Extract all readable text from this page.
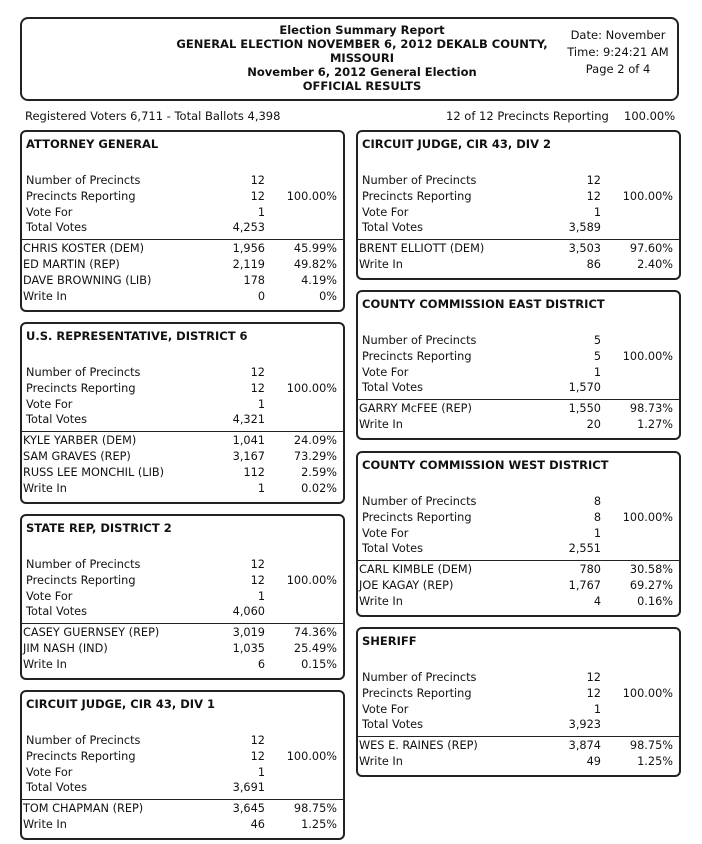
Election Summary Report
GENERAL ELECTION NOVEMBER 6, 2012 DEKALB COUNTY,
MISSOURI
November 6, 2012 General Election
OFFICIAL RESULTS
Date: November
Time: 9:24:21 AM
Page 2 of 4
Registered Voters 6,711 - Total Ballots 4,398	12 of 12 Precincts Reporting 100.00%
ATTORNEY GENERAL
Number of Precincts	12
Precincts Reporting	12	100.00%
Vote For	1
Total Votes	4,253
CHRIS KOSTER (DEM)	1,956	45.99%
ED MARTIN (REP)	2,119	49.82%
DAVE BROWNING (LIB)	178	4.19%
Write In	0	0%
U.S. REPRESENTATIVE, DISTRICT 6
Number of Precincts	12
Precincts Reporting	12	100.00%
Vote For	1
Total Votes	4,321
KYLE YARBER (DEM)	1,041	24.09%
SAM GRAVES (REP)	3,167	73.29%
RUSS LEE MONCHIL (LIB)	112	2.59%
Write In	1	0.02%
STATE REP, DISTRICT 2
Number of Precincts	12
Precincts Reporting	12	100.00%
Vote For	1
Total Votes	4,060
CASEY GUERNSEY (REP)	3,019	74.36%
JIM NASH (IND)	1,035	25.49%
Write In	6	0.15%
CIRCUIT JUDGE, CIR 43, DIV 1
Number of Precincts	12
Precincts Reporting	12	100.00%
Vote For	1
Total Votes	3,691
TOM CHAPMAN (REP)	3,645	98.75%
Write In	46	1.25%
CIRCUIT JUDGE, CIR 43, DIV 2
Number of Precincts	12
Precincts Reporting	12	100.00%
Vote For	1
Total Votes	3,589
BRENT ELLIOTT (DEM)	3,503	97.60%
Write In	86	2.40%
COUNTY COMMISSION EAST DISTRICT
Number of Precincts	5
Precincts Reporting	5	100.00%
Vote For	1
Total Votes	1,570
GARRY McFEE (REP)	1,550	98.73%
Write In	20	1.27%
COUNTY COMMISSION WEST DISTRICT
Number of Precincts	8
Precincts Reporting	8	100.00%
Vote For	1
Total Votes	2,551
CARL KIMBLE (DEM)	780	30.58%
JOE KAGAY (REP)	1,767	69.27%
Write In	4	0.16%
SHERIFF
Number of Precincts	12
Precincts Reporting	12	100.00%
Vote For	1
Total Votes	3,923
WES E. RAINES (REP)	3,874	98.75%
Write In	49	1.25%
